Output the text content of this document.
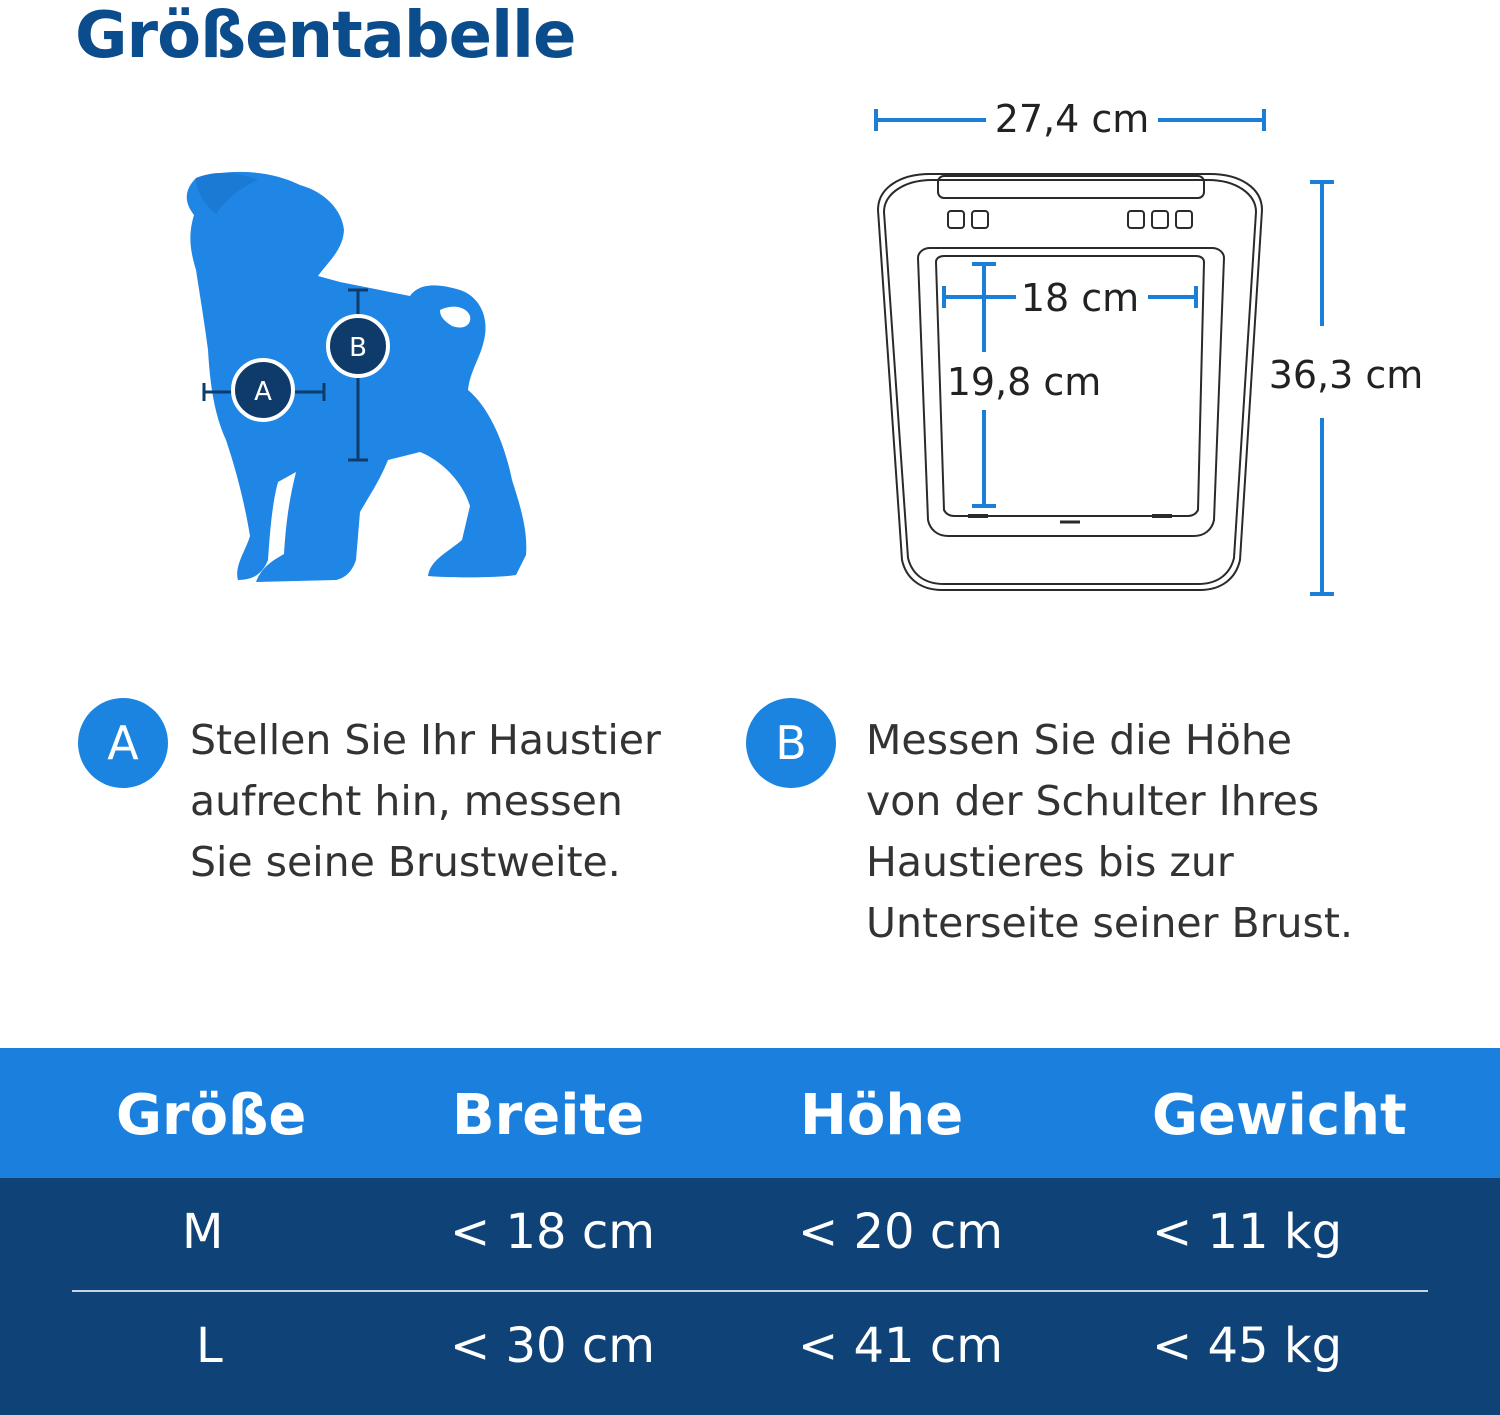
Größentabelle
A
B
27,4 cm
36,3 cm
18 cm
19,8 cm
A	Stellen Sie Ihr Haustier
aufrecht hin, messen
Sie seine Brustweite.
B	Messen Sie die Höhe
von der Schulter Ihres
Haustieres bis zur
Unterseite seiner Brust.
Größe	Breite	Höhe	Gewicht
M	< 18 cm	< 20 cm	< 11 kg
L	< 30 cm	< 41 cm	< 45 kg
